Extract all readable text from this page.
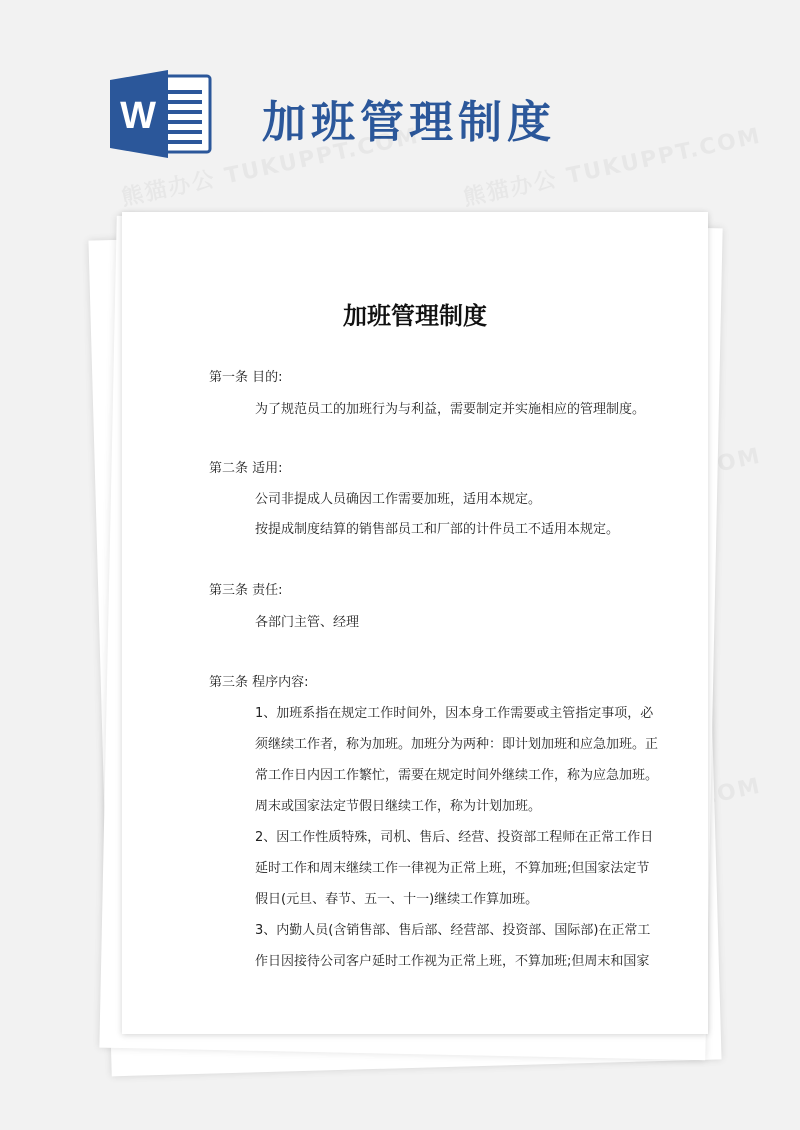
W 加班管理制度
加班管理制度
第一条 目的:
为了规范员工的加班行为与利益，需要制定并实施相应的管理制度。
第二条 适用:
公司非提成人员确因工作需要加班，适用本规定。
按提成制度结算的销售部员工和厂部的计件员工不适用本规定。
第三条 责任:
各部门主管、经理
第三条 程序内容:
1、加班系指在规定工作时间外，因本身工作需要或主管指定事项，必
须继续工作者，称为加班。加班分为两种：即计划加班和应急加班。正
常工作日内因工作繁忙，需要在规定时间外继续工作，称为应急加班。
周末或国家法定节假日继续工作，称为计划加班。
2、因工作性质特殊，司机、售后、经营、投资部工程师在正常工作日
延时工作和周末继续工作一律视为正常上班，不算加班;但国家法定节
假日(元旦、春节、五一、十一)继续工作算加班。
3、内勤人员(含销售部、售后部、经营部、投资部、国际部)在正常工
作日因接待公司客户延时工作视为正常上班，不算加班;但周末和国家
